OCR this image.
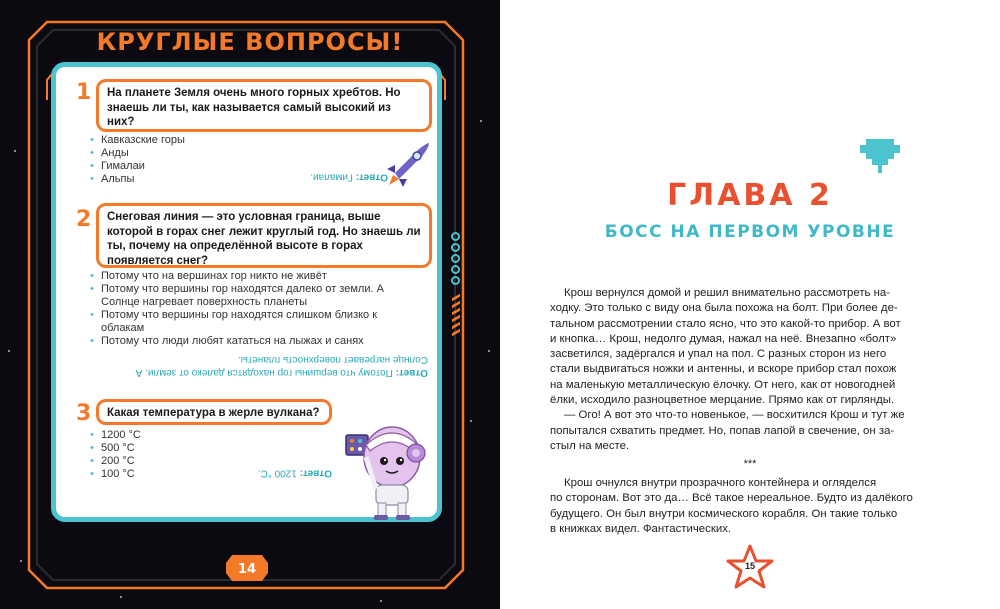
КРУГЛЫЕ ВОПРОСЫ!
1	На планете Земля очень много горных хребтов. Но знаешь ли ты, как называется самый высокий из них?
• Кавказские горы
• Анды
• Гималаи
• Альпы	Ответ: Гималаи.
2	Снеговая линия — это условная граница, выше которой в горах снег лежит круглый год. Но знаешь ли ты, почему на определённой высоте в горах появляется снег?
• Потому что на вершинах гор никто не живёт
• Потому что вершины гор находятся далеко от земли. А Солнце нагревает поверхность планеты
• Потому что вершины гор находятся слишком близко к облакам
• Потому что люди любят кататься на лыжах и санях
Ответ: Потому что вершины гор находятся далеко от земли. А Солнце нагревает поверхность планеты.
3	Какая температура в жерле вулкана?
• 1200 °C
• 500 °C
• 200 °C
• 100 °C	Ответ: 1200 °C.
14
ГЛАВА 2
БОСС НА ПЕРВОМ УРОВНЕ
Крош вернулся домой и решил внимательно рассмотреть на-
ходку. Это только с виду она была похожа на болт. При более де-
тальном рассмотрении стало ясно, что это какой-то прибор. А вот
и кнопка… Крош, недолго думая, нажал на неё. Внезапно «болт»
засветился, задёргался и упал на пол. С разных сторон из него
стали выдвигаться ножки и антенны, и вскоре прибор стал похож
на маленькую металлическую ёлочку. От него, как от новогодней
ёлки, исходило разноцветное мерцание. Прямо как от гирлянды.
— Ого! А вот это что-то новенькое, — восхитился Крош и тут же
попытался схватить предмет. Но, попав лапой в свечение, он за-
стыл на месте.
***
Крош очнулся внутри прозрачного контейнера и огляделся
по сторонам. Вот это да… Всё такое нереальное. Будто из далёкого
будущего. Он был внутри космического корабля. Он такие только
в книжках видел. Фантастических.
15
